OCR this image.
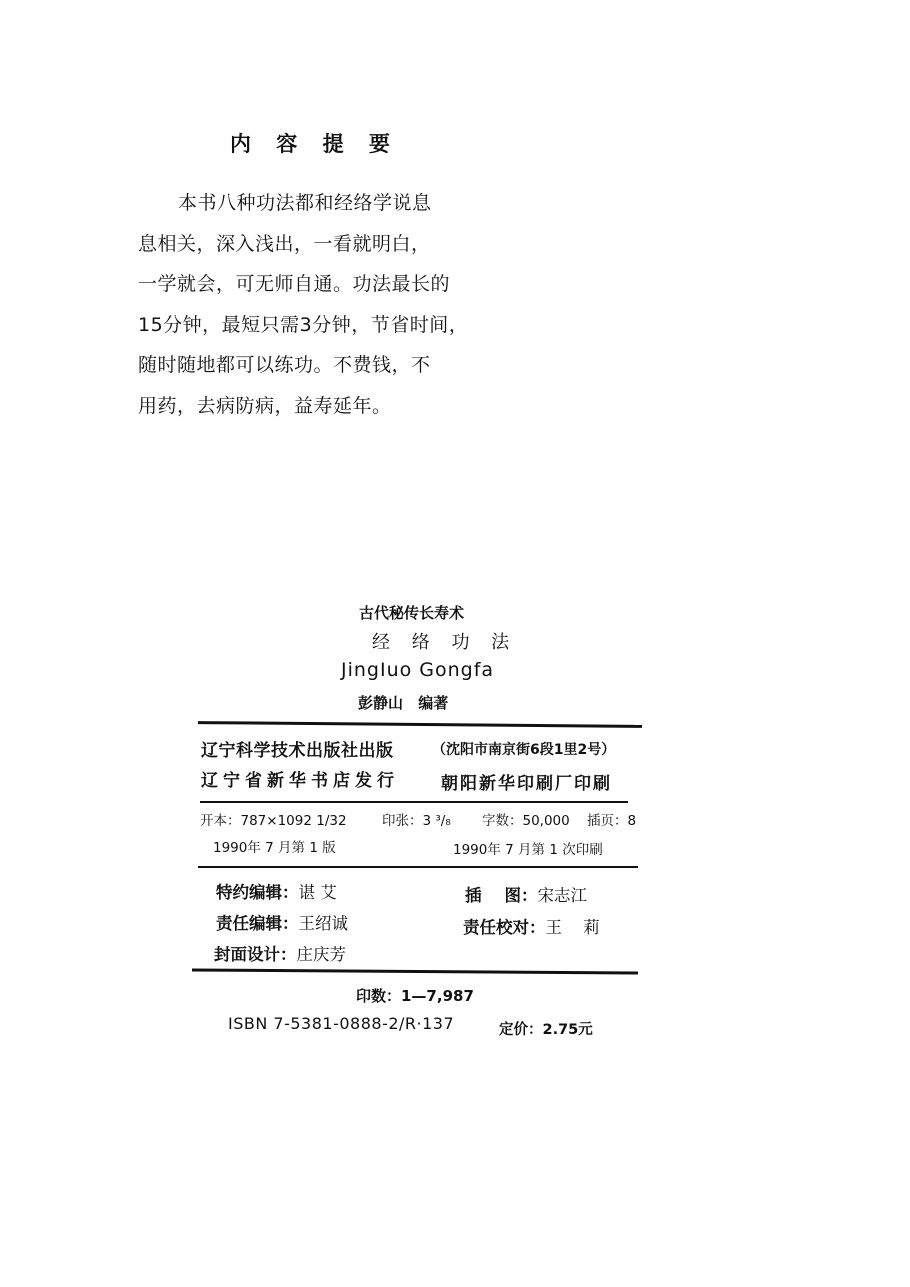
内 容 提 要
本书八种功法都和经络学说息
息相关，深入浅出，一看就明白，
一学就会，可无师自通。功法最长的
15分钟，最短只需3分钟，节省时间，
随时随地都可以练功。不费钱，不
用药，去病防病，益寿延年。
古代秘传长寿术
经 络 功 法
JingIuo Gongfa
彭静山 编著
辽宁科学技术出版社出版	（沈阳市南京街6段1里2号）
辽宁省新华书店发行 朝阳新华印刷厂印刷
开本：787×1092 1/32	印张：3 ³/₈ 字数：50,000 插页：8
1990年 7 月第 1 版	1990年 7 月第 1 次印刷
特约编辑：谌 艾	插    图：宋志江
责任编辑：王绍诚	责任校对：王 莉
封面设计：庄庆芳
印数：1—7,987
ISBN 7-5381-0888-2/R·137	定价：2.75元
